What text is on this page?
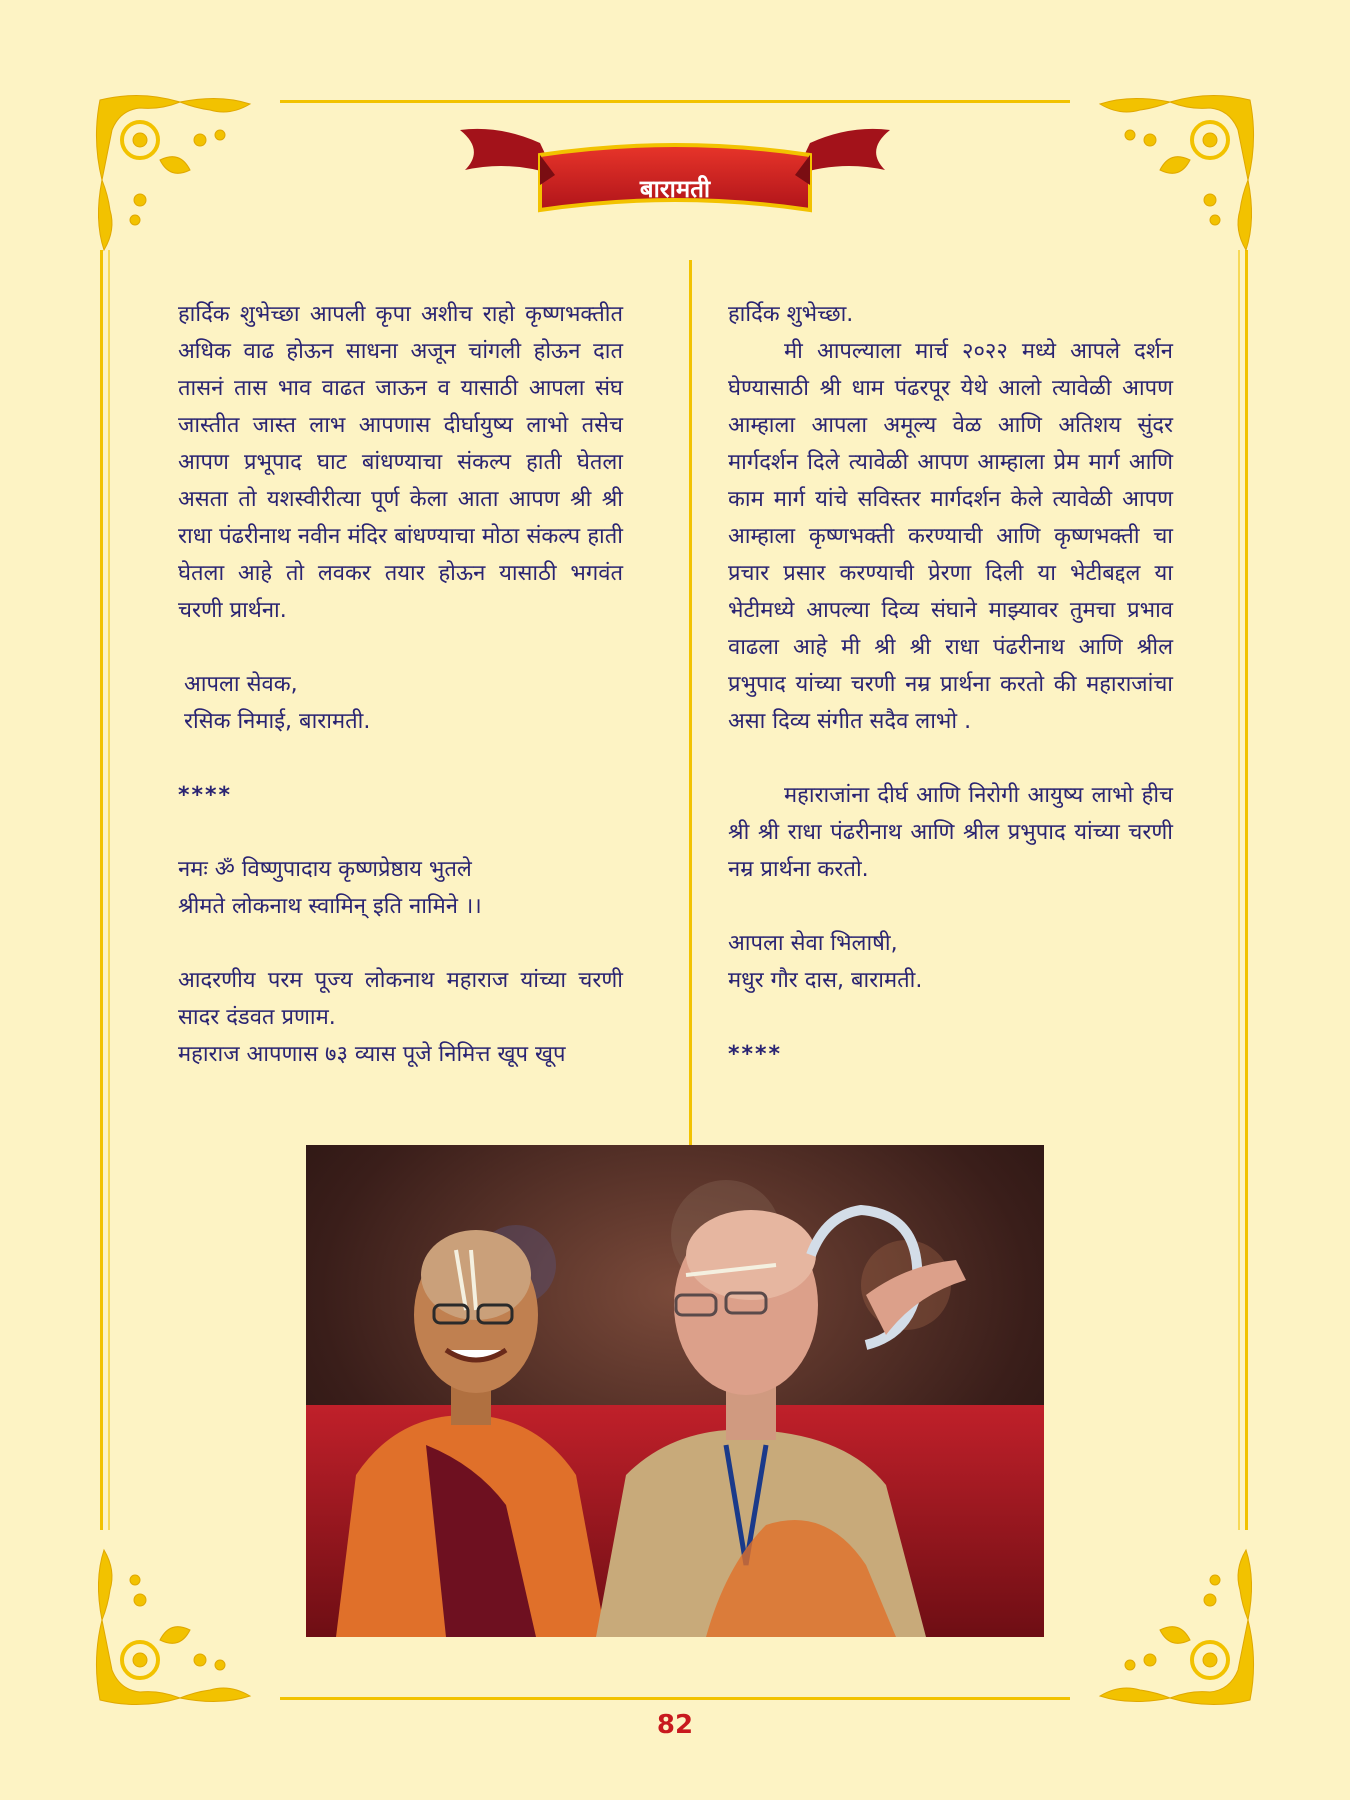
बारामती

हार्दिक शुभेच्छा आपली कृपा अशीच राहो कृष्णभक्तीत अधिक वाढ होऊन साधना अजून चांगली होऊन दात तासनं तास भाव वाढत जाऊन व यासाठी आपला संघ जास्तीत जास्त लाभ आपणास दीर्घायुष्य लाभो तसेच आपण प्रभूपाद घाट बांधण्याचा संकल्प हाती घेतला असता तो यशस्वीरीत्या पूर्ण केला आता आपण श्री श्री राधा पंढरीनाथ नवीन मंदिर बांधण्याचा मोठा संकल्प हाती घेतला आहे तो लवकर तयार होऊन यासाठी भगवंत चरणी प्रार्थना.

आपला सेवक,
रसिक निमाई, बारामती.

****

नमः ॐ विष्णुपादाय कृष्णप्रेष्ठाय भुतले
श्रीमते लोकनाथ स्वामिन् इति नामिने ।।

आदरणीय परम पूज्य लोकनाथ महाराज यांच्या चरणी सादर दंडवत प्रणाम.

महाराज आपणास ७३ व्यास पूजे निमित्त खूप खूप

हार्दिक शुभेच्छा.

मी आपल्याला मार्च २०२२ मध्ये आपले दर्शन घेण्यासाठी श्री धाम पंढरपूर येथे आलो त्यावेळी आपण आम्हाला आपला अमूल्य वेळ आणि अतिशय सुंदर मार्गदर्शन दिले त्यावेळी आपण आम्हाला प्रेम मार्ग आणि काम मार्ग यांचे सविस्तर मार्गदर्शन केले त्यावेळी आपण आम्हाला कृष्णभक्ती करण्याची आणि कृष्णभक्ती चा प्रचार प्रसार करण्याची प्रेरणा दिली या भेटीबद्दल या भेटीमध्ये आपल्या दिव्य संघाने माझ्यावर तुमचा प्रभाव वाढला आहे मी श्री श्री राधा पंढरीनाथ आणि श्रील प्रभुपाद यांच्या चरणी नम्र प्रार्थना करतो की महाराजांचा असा दिव्य संगीत सदैव लाभो .

महाराजांना दीर्घ आणि निरोगी आयुष्य लाभो हीच श्री श्री राधा पंढरीनाथ आणि श्रील प्रभुपाद यांच्या चरणी नम्र प्रार्थना करतो.

आपला सेवा भिलाषी,
मधुर गौर दास, बारामती.

****

82
